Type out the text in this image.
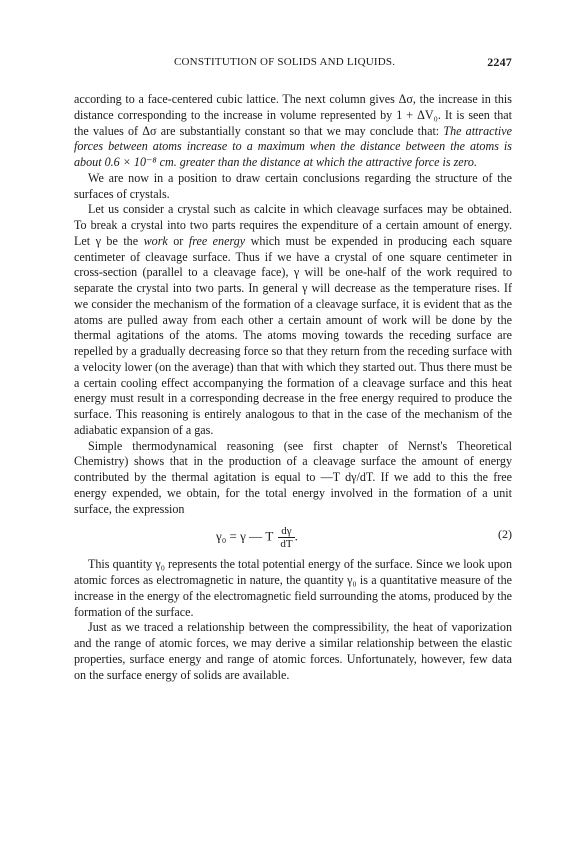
CONSTITUTION OF SOLIDS AND LIQUIDS.	2247

according to a face-centered cubic lattice. The next column gives Δσ, the increase in this distance corresponding to the increase in volume represented by 1 + ΔV₀. It is seen that the values of Δσ are substantially constant so that we may conclude that: The attractive forces between atoms increase to a maximum when the distance between the atoms is about 0.6 × 10⁻⁸ cm. greater than the distance at which the attractive force is zero.

We are now in a position to draw certain conclusions regarding the structure of the surfaces of crystals.

Let us consider a crystal such as calcite in which cleavage surfaces may be obtained. To break a crystal into two parts requires the expenditure of a certain amount of energy. Let γ be the work or free energy which must be expended in producing each square centimeter of cleavage surface. Thus if we have a crystal of one square centimeter in cross-section (parallel to a cleavage face), γ will be one-half of the work required to separate the crystal into two parts. In general γ will decrease as the temperature rises. If we consider the mechanism of the formation of a cleavage surface, it is evident that as the atoms are pulled away from each other a certain amount of work will be done by the thermal agitations of the atoms. The atoms moving towards the receding surface are repelled by a gradually decreasing force so that they return from the receding surface with a velocity lower (on the average) than that with which they started out. Thus there must be a certain cooling effect accompanying the formation of a cleavage surface and this heat energy must result in a corresponding decrease in the free energy required to produce the surface. This reasoning is entirely analogous to that in the case of the mechanism of the adiabatic expansion of a gas.

Simple thermodynamical reasoning (see first chapter of Nernst's Theoretical Chemistry) shows that in the production of a cleavage surface the amount of energy contributed by the thermal agitation is equal to —T dγ/dT. If we add to this the free energy expended, we obtain, for the total energy involved in the formation of a unit surface, the expression

γ₀ = γ — T $\frac{d\gamma}{dT}$ .	(2)

This quantity γ₀ represents the total potential energy of the surface. Since we look upon atomic forces as electromagnetic in nature, the quantity γ₀ is a quantitative measure of the increase in the energy of the electromagnetic field surrounding the atoms, produced by the formation of the surface.

Just as we traced a relationship between the compressibility, the heat of vaporization and the range of atomic forces, we may derive a similar relationship between the elastic properties, surface energy and range of atomic forces. Unfortunately, however, few data on the surface energy of solids are available.
